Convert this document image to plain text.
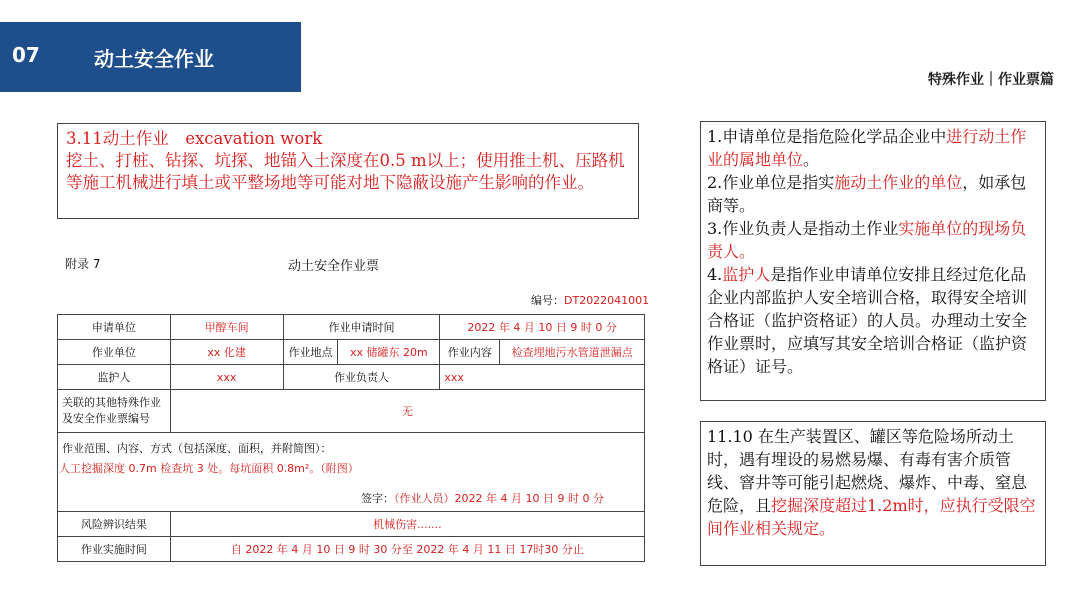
07	动土安全作业
特殊作业｜作业票篇
3.11动土作业　excavation work
挖土、打桩、钻探、坑探、地锚入土深度在0.5 m以上；使用推土机、压路机等施工机械进行填土或平整场地等可能对地下隐蔽设施产生影响的作业。
附录 7	动土安全作业票
编号：DT2022041001
申请单位	甲醇车间	作业申请时间		2022 年 4 月 10 日 9 时 0 分	
作业单位	xx 化建	作业地点	xx 储罐东 20m	作业内容	检查埋地污水管道泄漏点
监护人	xxx	作业负责人		xxx	

关联的其他特殊作业
及安全作业票编号	无				

作业范围、内容、方式（包括深度、面积，并附简图）：
人工挖掘深度 0.7m 检查坑 3 处。每坑面积 0.8m²。（附图）
签字：（作业人员）2022 年 4 月 10 日 9 时 0 分					

风险辨识结果	机械伤害.......				
作业实施时间	自 2022 年 4 月 10 日 9 时 30 分至 2022 年 4 月 11 日 17时30 分止				
1.申请单位是指危险化学品企业中进行动土作业的属地单位。
2.作业单位是指实施动土作业的单位，如承包商等。
3.作业负责人是指动土作业实施单位的现场负责人。
4.监护人是指作业申请单位安排且经过危化品企业内部监护人安全培训合格，取得安全培训合格证（监护资格证）的人员。办理动土安全作业票时，应填写其安全培训合格证（监护资格证）证号。
11.10 在生产装置区、罐区等危险场所动土时，遇有埋设的易燃易爆、有毒有害介质管线、窨井等可能引起燃烧、爆炸、中毒、窒息危险，且挖掘深度超过1.2m时，应执行受限空间作业相关规定。
